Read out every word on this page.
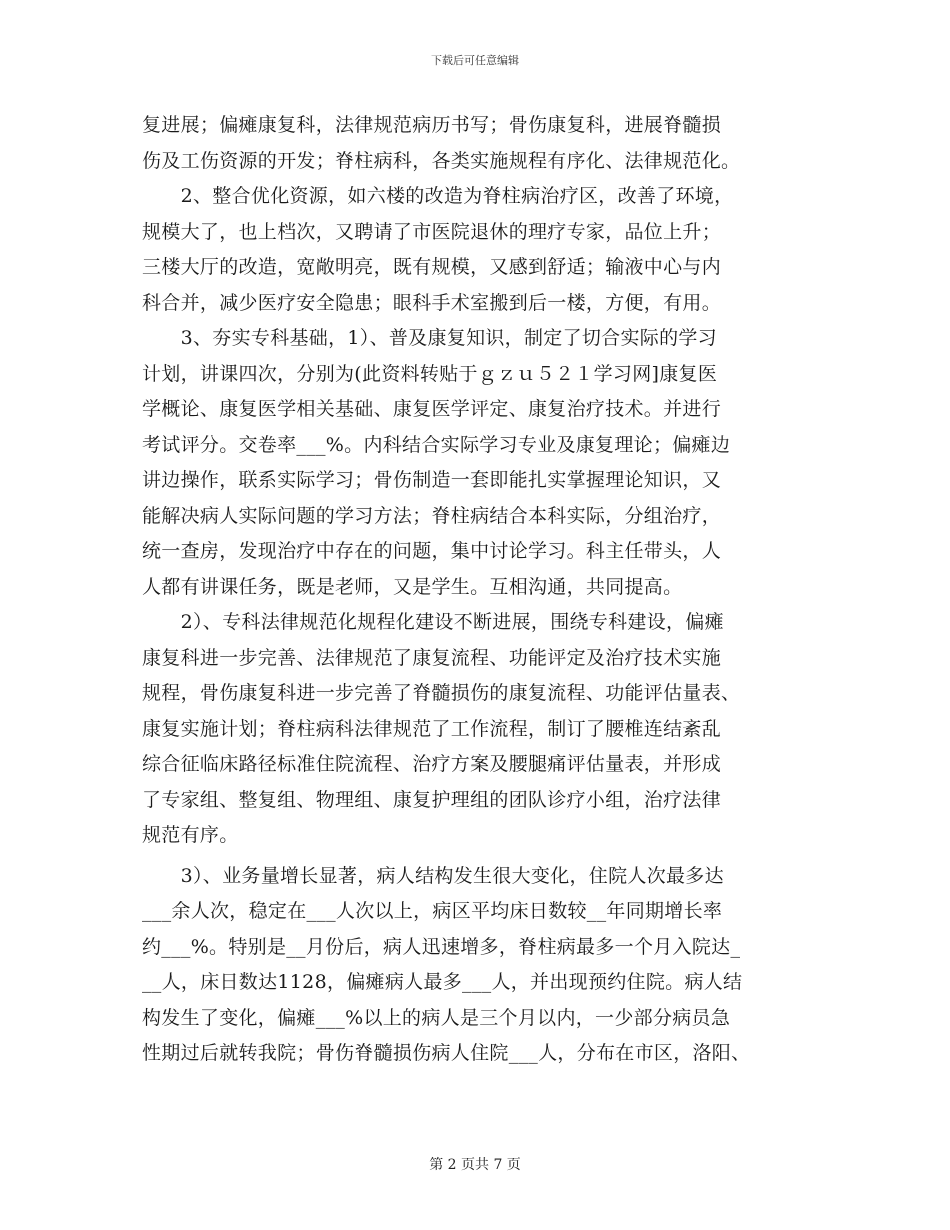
下载后可任意编辑
复进展；偏瘫康复科，法律规范病历书写；骨伤康复科，进展脊髓损
伤及工伤资源的开发；脊柱病科，各类实施规程有序化、法律规范化。
　　2、整合优化资源，如六楼的改造为脊柱病治疗区，改善了环境，
规模大了，也上档次，又聘请了市医院退休的理疗专家，品位上升；
三楼大厅的改造，宽敞明亮，既有规模，又感到舒适；输液中心与内
科合并，减少医疗安全隐患；眼科手术室搬到后一楼，方便，有用。
　　3、夯实专科基础，1）、普及康复知识，制定了切合实际的学习
计划，讲课四次，分别为(此资料转贴于ｇｚｕ５２１学习网]康复医
学概论、康复医学相关基础、康复医学评定、康复治疗技术。并进行
考试评分。交卷率___%。内科结合实际学习专业及康复理论；偏瘫边
讲边操作，联系实际学习；骨伤制造一套即能扎实掌握理论知识，又
能解决病人实际问题的学习方法；脊柱病结合本科实际，分组治疗，
统一查房，发现治疗中存在的问题，集中讨论学习。科主任带头，人
人都有讲课任务，既是老师，又是学生。互相沟通，共同提高。
　　2）、专科法律规范化规程化建设不断进展，围绕专科建设，偏瘫
康复科进一步完善、法律规范了康复流程、功能评定及治疗技术实施
规程，骨伤康复科进一步完善了脊髓损伤的康复流程、功能评估量表、
康复实施计划；脊柱病科法律规范了工作流程，制订了腰椎连结紊乱
综合征临床路径标准住院流程、治疗方案及腰腿痛评估量表，并形成
了专家组、整复组、物理组、康复护理组的团队诊疗小组，治疗法律
规范有序。
　　3）、业务量增长显著，病人结构发生很大变化，住院人次最多达
___余人次，稳定在___人次以上，病区平均床日数较__年同期增长率
约___%。特别是__月份后，病人迅速增多，脊柱病最多一个月入院达_
__人，床日数达1128，偏瘫病人最多___人，并出现预约住院。病人结
构发生了变化，偏瘫___%以上的病人是三个月以内，一少部分病员急
性期过后就转我院；骨伤脊髓损伤病人住院___人，分布在市区，洛阳、
第 2 页共 7 页
